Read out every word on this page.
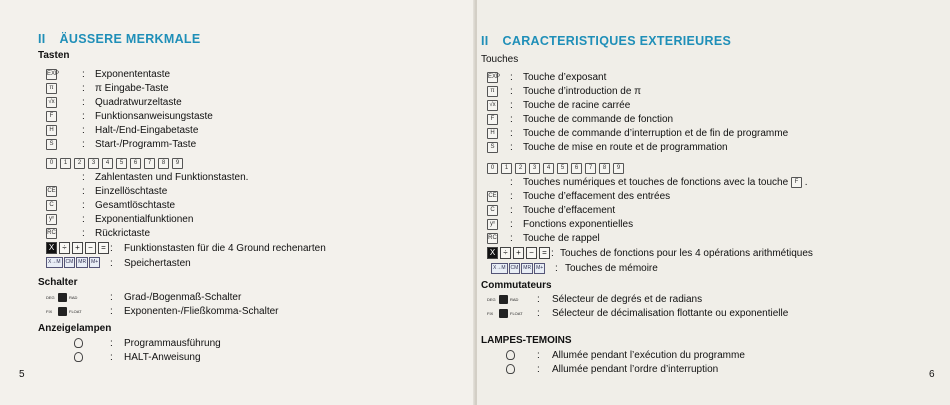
II ÄUSSERE MERKMALE
Tasten
EXP : Exponententaste
π	: π Eingabe-Taste
√x	: Quadratwurzeltaste
F	: Funktionsanweisungstaste
H	: Halt-/End-Eingabetaste
S	: Start-/Programm-Taste
0 1 2 3 4 5 6 7 8 9
: Zahlentasten und Funktionstasten.
CE	: Einzellöschtaste
C	: Gesamtlöschtaste
yˣ	: Exponentialfunktionen
RC	: Rückrictaste
X ÷ + − = : Funktionstasten für die 4 Ground rechenarten
X→M CM MR M+	: Speichertasten
Schalter
DEG	RAD	: Grad-/Bogenmaß-Schalter
FIX	FLOAT	: Exponenten-/Fließkomma-Schalter
Anzeigelampen
: Programmausführung
: HALT-Anweisung
5
II CARACTERISTIQUES EXTERIEURES
Touches
EXP : Touche d’exposant
π	: Touche d’introduction de π
√x : Touche de racine carrée
F	: Touche de commande de fonction
H	: Touche de commande d’interruption et de fin de programme
S	: Touche de mise en route et de programmation
0 1 2 3 4 5 6 7 8 9
: Touches numériques et touches de fonctions avec la touche F .
CE : Touche d’effacement des entrées
C	: Touche d’effacement
yˣ	: Fonctions exponentielles
RC : Touche de rappel
X ÷ + − = : Touches de fonctions pour les 4 opérations arithmétiques
X→M CM MR M+	: Touches de mémoire
Commutateurs
DEG	RAD : Sélecteur de degrés et de radians
FIX	FLOAT : Sélecteur de décimalisation flottante ou exponentielle
LAMPES-TEMOINS
: Allumée pendant l’exécution du programme
: Allumée pendant l’ordre d’interruption	6
